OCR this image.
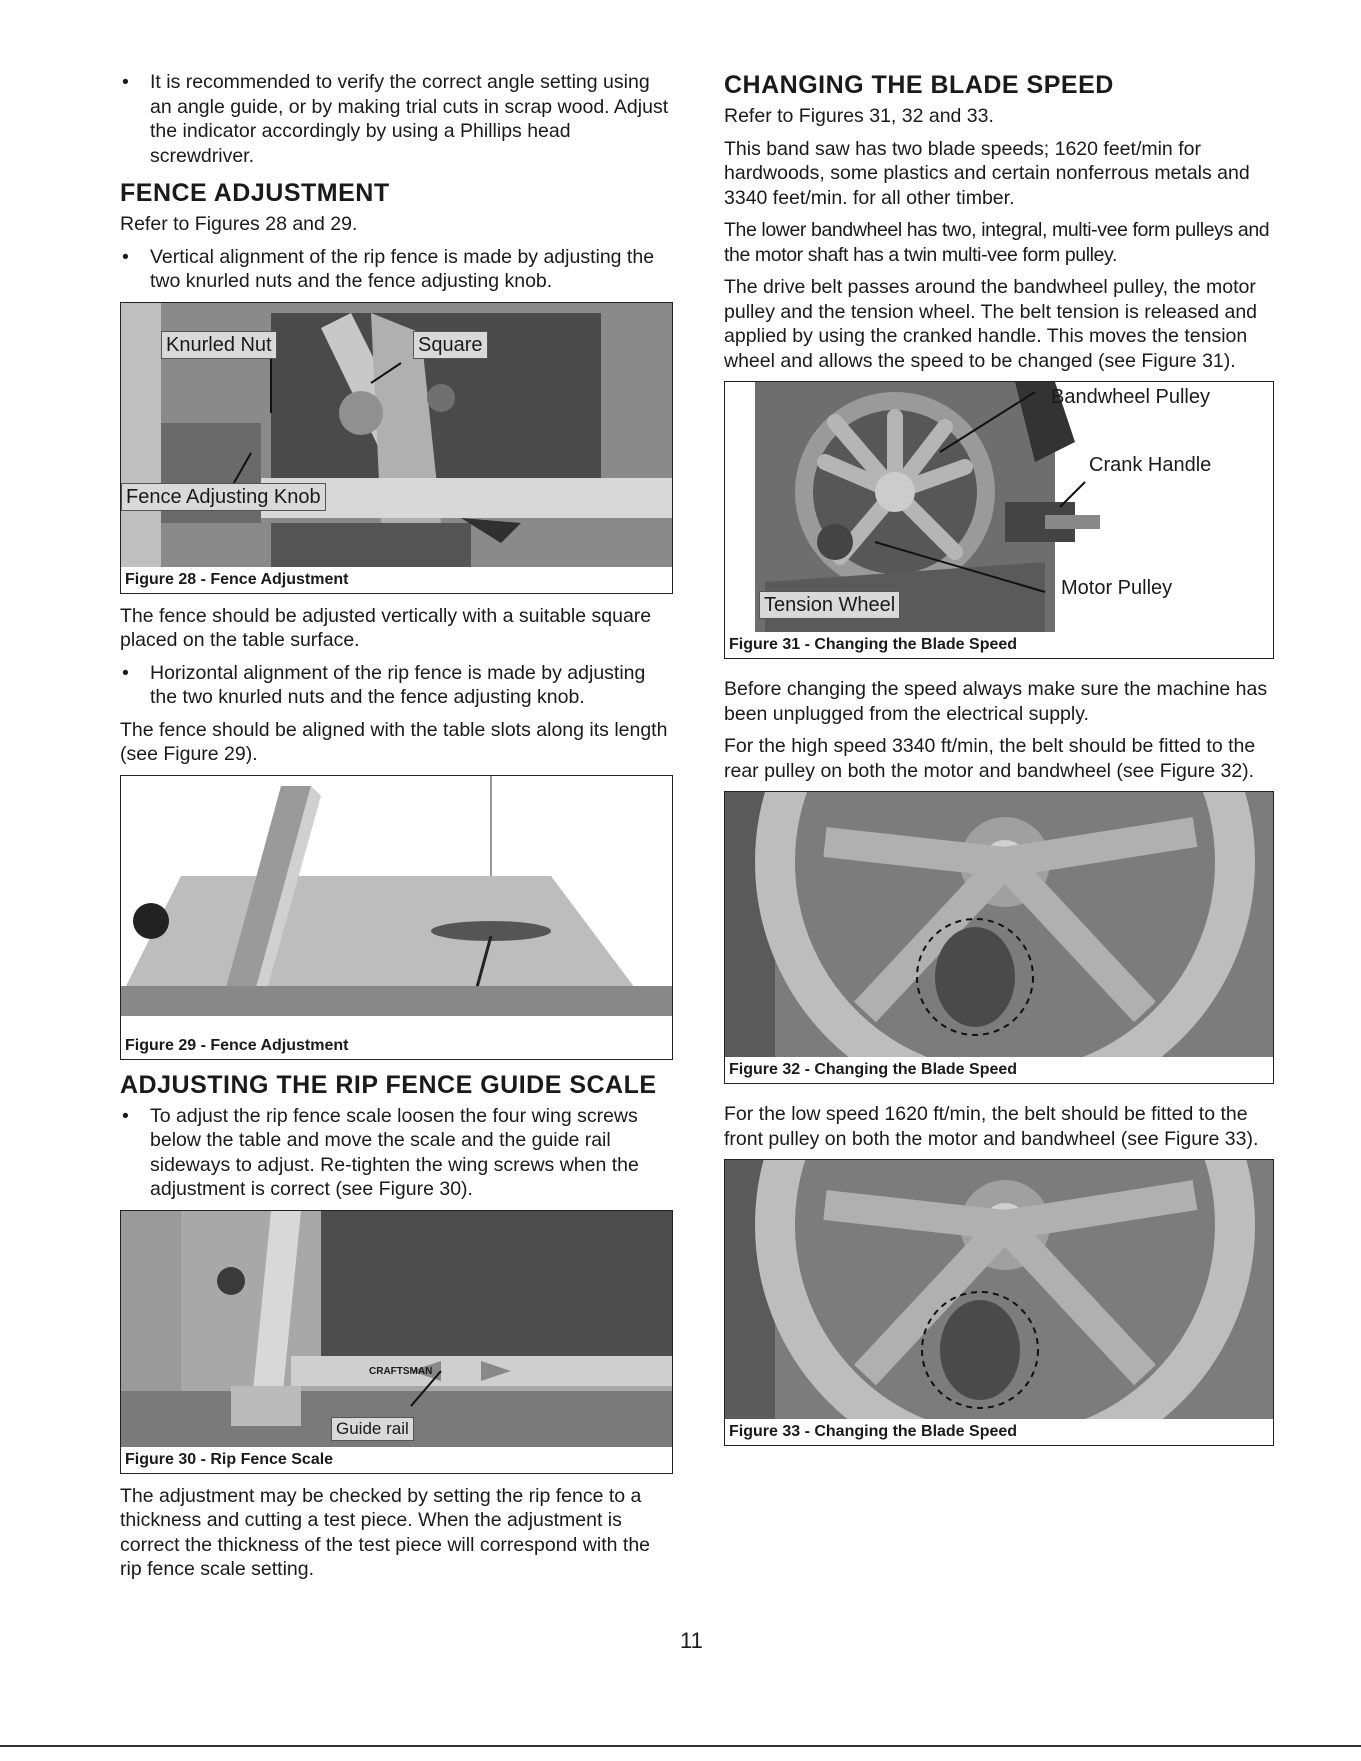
• It is recommended to verify the correct angle setting using an angle guide, or by making trial cuts in scrap wood. Adjust the indicator accordingly by using a Phillips head screwdriver.
FENCE ADJUSTMENT

Refer to Figures 28 and 29.

• Vertical alignment of the rip fence is made by adjusting the two knurled nuts and the fence adjusting knob.
Knurled Nut	Square
Fence Adjusting Knob
Figure 28 - Fence Adjustment

The fence should be adjusted vertically with a suitable square placed on the table surface.

• Horizontal alignment of the rip fence is made by adjusting the two knurled nuts and the fence adjusting knob.

The fence should be aligned with the table slots along its length (see Figure 29).

Figure 29 - Fence Adjustment
ADJUSTING THE RIP FENCE GUIDE SCALE
• To adjust the rip fence scale loosen the four wing screws below the table and move the scale and the guide rail sideways to adjust. Re-tighten the wing screws when the adjustment is correct (see Figure 30).
CRAFTSMAN
Guide rail
Figure 30 - Rip Fence Scale

The adjustment may be checked by setting the rip fence to a thickness and cutting a test piece. When the adjustment is correct the thickness of the test piece will correspond with the rip fence scale setting.

CHANGING THE BLADE SPEED

Refer to Figures 31, 32 and 33.

This band saw has two blade speeds; 1620 feet/min for hardwoods, some plastics and certain nonferrous metals and 3340 feet/min. for all other timber.

The lower bandwheel has two, integral, multi-vee form pulleys and the motor shaft has a twin multi-vee form pulley.

The drive belt passes around the bandwheel pulley, the motor pulley and the tension wheel. The belt tension is released and applied by using the cranked handle. This moves the tension wheel and allows the speed to be changed (see Figure 31).

Bandwheel Pulley
Crank Handle
Tension Wheel
Motor Pulley
Figure 31 - Changing the Blade Speed

Before changing the speed always make sure the machine has been unplugged from the electrical supply.

For the high speed 3340 ft/min, the belt should be fitted to the rear pulley on both the motor and bandwheel (see Figure 32).

Figure 32 - Changing the Blade Speed

For the low speed 1620 ft/min, the belt should be fitted to the front pulley on both the motor and bandwheel (see Figure 33).

Figure 33 - Changing the Blade Speed
11
